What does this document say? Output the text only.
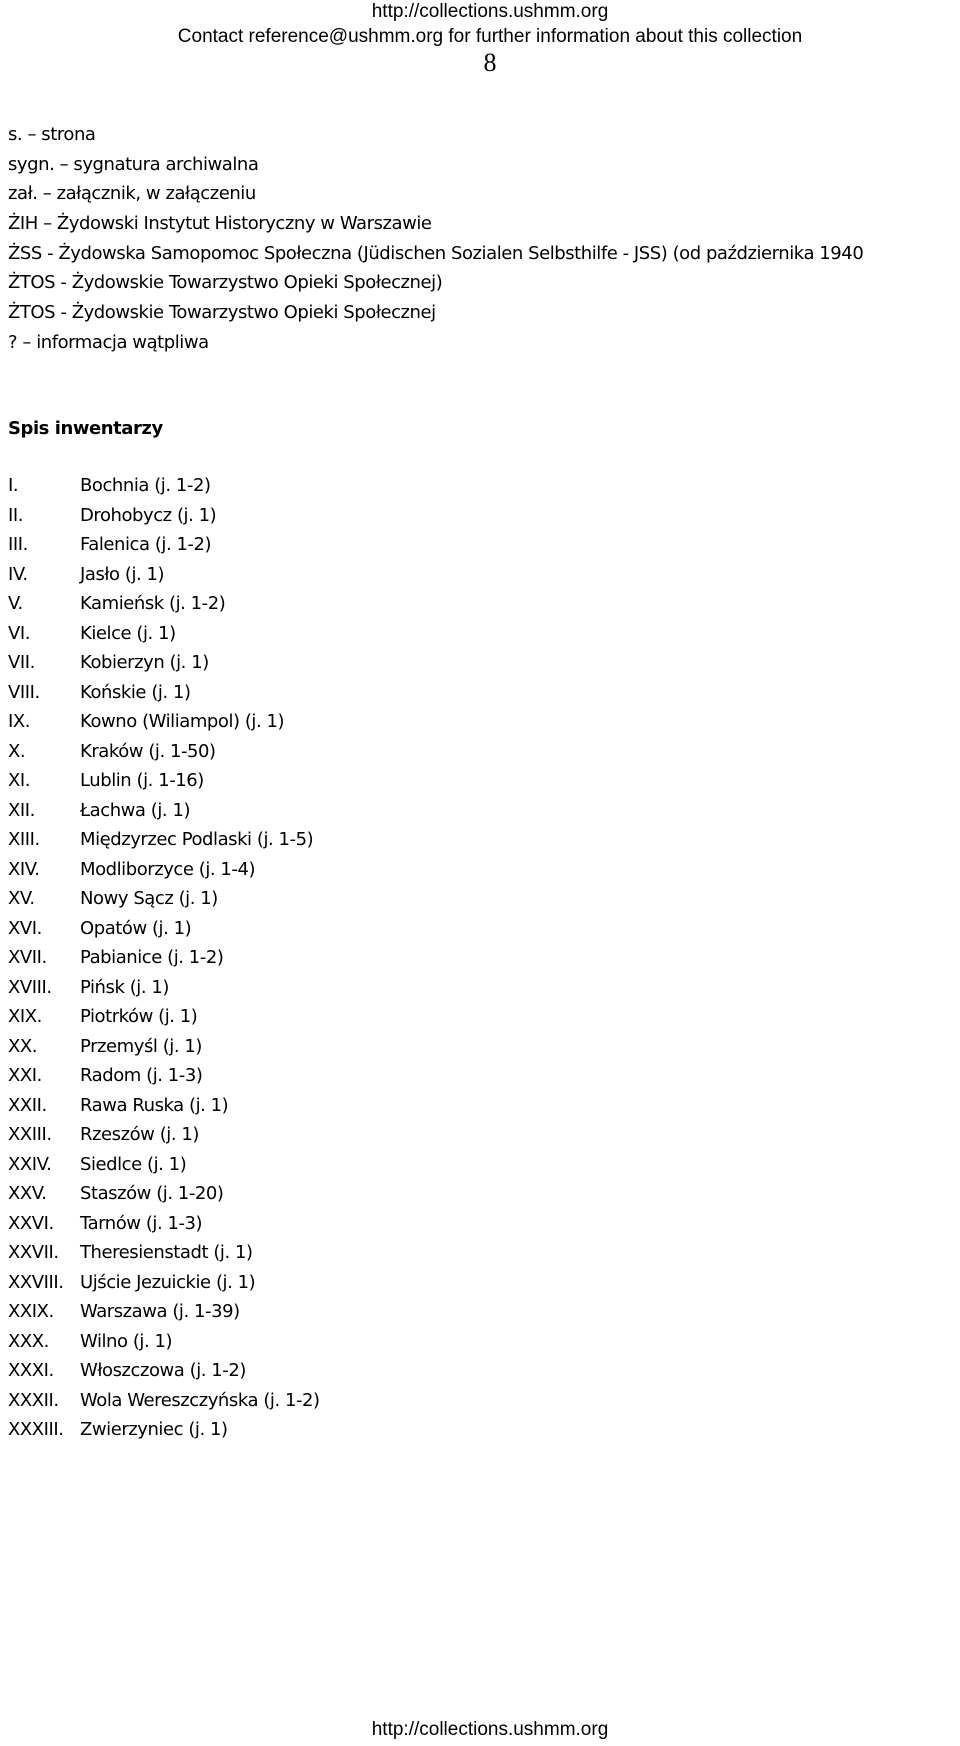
http://collections.ushmm.org
Contact reference@ushmm.org for further information about this collection
8
s. – strona
sygn. – sygnatura archiwalna
zał. – załącznik, w załączeniu
ŻIH – Żydowski Instytut Historyczny w Warszawie
ŻSS - Żydowska Samopomoc Społeczna (Jüdischen Sozialen Selbsthilfe - JSS) (od października 1940
ŻTOS - Żydowskie Towarzystwo Opieki Społecznej)
ŻTOS - Żydowskie Towarzystwo Opieki Społecznej
? – informacja wątpliwa
Spis inwentarzy
I.	Bochnia (j. 1-2)
II.	Drohobycz (j. 1)
III.	Falenica (j. 1-2)
IV.	Jasło (j. 1)
V.	Kamieńsk (j. 1-2)
VI.	Kielce (j. 1)
VII.	Kobierzyn (j. 1)
VIII. Końskie (j. 1)
IX.	Kowno (Wiliampol) (j. 1)
X.	Kraków (j. 1-50)
XI.	Lublin (j. 1-16)
XII.	Łachwa (j. 1)
XIII. Międzyrzec Podlaski (j. 1-5)
XIV. Modliborzyce (j. 1-4)
XV.	Nowy Sącz (j. 1)
XVI. Opatów (j. 1)
XVII. Pabianice (j. 1-2)
XVIII. Pińsk (j. 1)
XIX. Piotrków (j. 1)
XX. Przemyśl (j. 1)
XXI. Radom (j. 1-3)
XXII. Rawa Ruska (j. 1)
XXIII. Rzeszów (j. 1)
XXIV. Siedlce (j. 1)
XXV. Staszów (j. 1-20)
XXVI. Tarnów (j. 1-3)
XXVII. Theresienstadt (j. 1)
XXVIII. Ujście Jezuickie (j. 1)
XXIX. Warszawa (j. 1-39)
XXX. Wilno (j. 1)
XXXI. Włoszczowa (j. 1-2)
XXXII. Wola Wereszczyńska (j. 1-2)
XXXIII. Zwierzyniec (j. 1)
http://collections.ushmm.org
